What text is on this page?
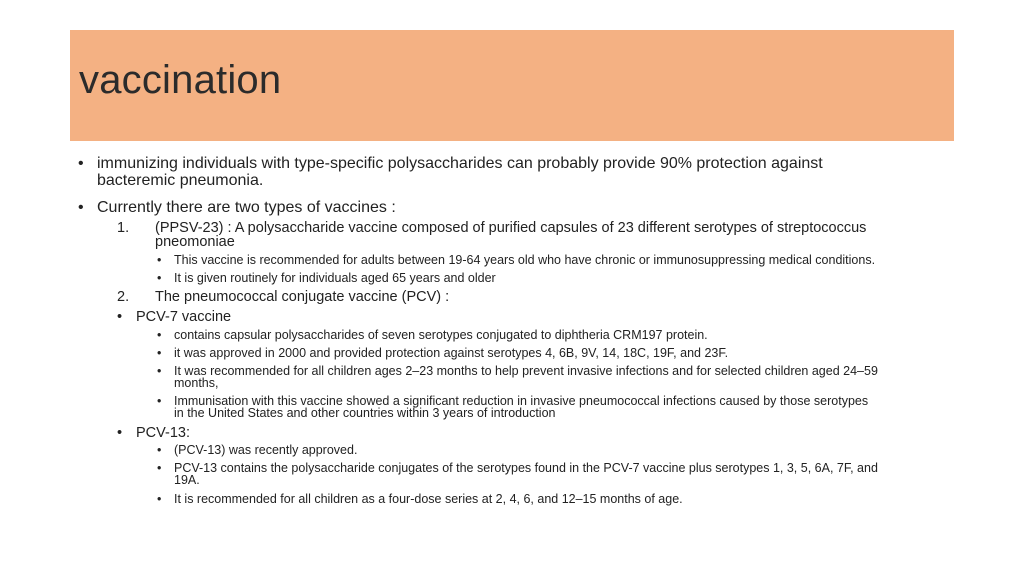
vaccination
• immunizing individuals with type-specific polysaccharides can probably provide 90% protection against
bacteremic pneumonia.
• Currently there are two types of vaccines :
1. (PPSV-23) : A polysaccharide vaccine composed of purified capsules of 23 different serotypes of streptococcus
pneomoniae
• This vaccine is recommended for adults between 19-64 years old who have chronic or immunosuppressing medical conditions.
• It is given routinely for individuals aged 65 years and older
2. The pneumococcal conjugate vaccine (PCV) :
• PCV-7 vaccine
• contains capsular polysaccharides of seven serotypes conjugated to diphtheria CRM197 protein.
• it was approved in 2000 and provided protection against serotypes 4, 6B, 9V, 14, 18C, 19F, and 23F.
• It was recommended for all children ages 2–23 months to help prevent invasive infections and for selected children aged 24–59
months,
• Immunisation with this vaccine showed a significant reduction in invasive pneumococcal infections caused by those serotypes
in the United States and other countries within 3 years of introduction
• PCV-13:
• (PCV-13) was recently approved.
• PCV-13 contains the polysaccharide conjugates of the serotypes found in the PCV-7 vaccine plus serotypes 1, 3, 5, 6A, 7F, and
19A.
• It is recommended for all children as a four-dose series at 2, 4, 6, and 12–15 months of age.
